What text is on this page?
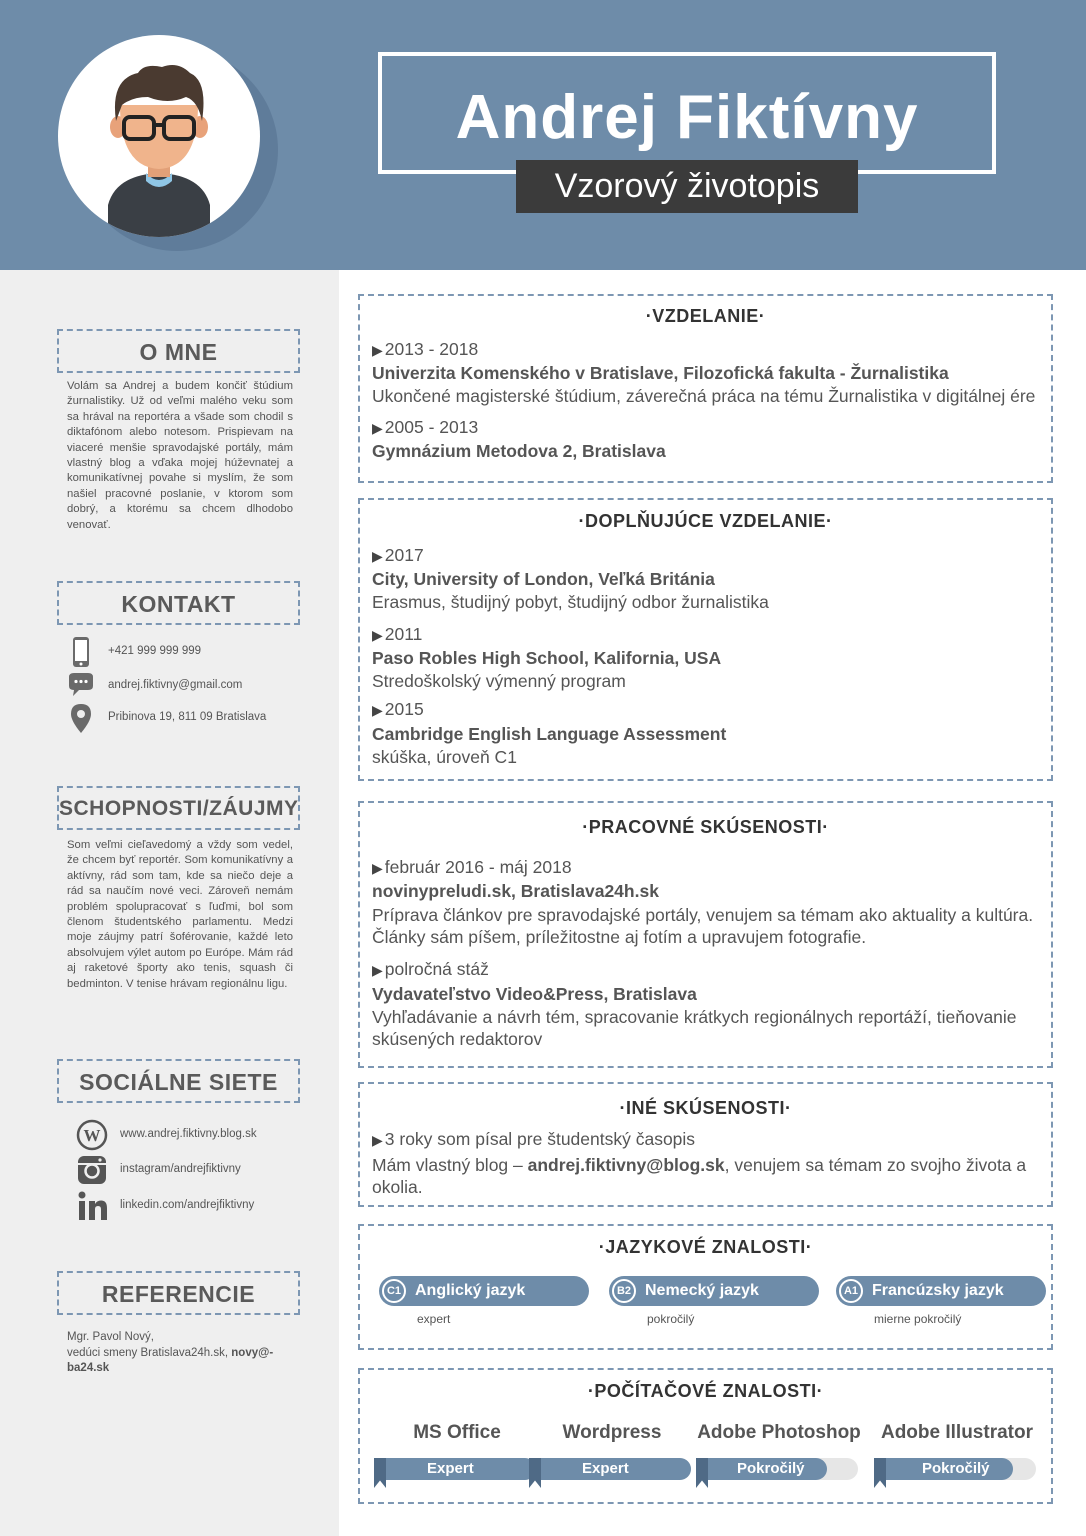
Andrej Fiktívny
Vzorový životopis
O MNE
Volám sa Andrej a budem končiť štúdium žurnalistiky. Už od veľmi malého veku som sa hrával na reportéra a všade som chodil s diktafónom alebo notesom. Prispievam na viaceré menšie spravodajské portály, mám vlastný blog a vďaka mojej húževnatej a komunikatívnej povahe si myslím, že som našiel pracovné poslanie, v ktorom som dobrý, a ktorému sa chcem dlhodobo venovať.
KONTAKT
+421 999 999 999
andrej.fiktivny@gmail.com
Pribinova 19, 811 09 Bratislava
SCHOPNOSTI/ZÁUJMY
Som veľmi cieľavedomý a vždy som vedel, že chcem byť reportér. Som komunikatívny a aktívny, rád som tam, kde sa niečo deje a rád sa naučím nové veci. Zároveň nemám problém spolupracovať s ľuďmi, bol som členom študentského parlamentu. Medzi moje záujmy patrí šoférovanie, každé leto absolvujem výlet autom po Európe. Mám rád aj raketové športy ako tenis, squash či bedminton. V tenise hrávam regionálnu ligu.
SOCIÁLNE SIETE
W www.andrej.fiktivny.blog.sk
instagram/andrejfiktivny
linkedin.com/andrejfiktivny
REFERENCIE
Mgr. Pavol Nový,
vedúci smeny Bratislava24h.sk, novy@-ba24.sk
·VZDELANIE·
▶ 2013 - 2018
Univerzita Komenského v Bratislave, Filozofická fakulta - Žurnalistika
Ukončené magisterské štúdium, záverečná práca na tému Žurnalistika v digitálnej ére
▶ 2005 - 2013
Gymnázium Metodova 2, Bratislava
·DOPLŇUJÚCE VZDELANIE·
▶ 2017
City, University of London, Veľká Británia
Erasmus, študijný pobyt, študijný odbor žurnalistika
▶ 2011
Paso Robles High School, Kalifornia, USA
Stredoškolský výmenný program
▶ 2015
Cambridge English Language Assessment
skúška, úroveň C1
·PRACOVNÉ SKÚSENOSTI·
▶ február 2016 - máj 2018
novinypreludi.sk, Bratislava24h.sk
Príprava článkov pre spravodajské portály, venujem sa témam ako aktuality a kultúra. Články sám píšem, príležitostne aj fotím a upravujem fotografie.
▶ polročná stáž
Vydavateľstvo Video&Press, Bratislava
Vyhľadávanie a návrh tém, spracovanie krátkych regionálnych reportáží, tieňovanie skúsených redaktorov
·INÉ SKÚSENOSTI·
▶ 3 roky som písal pre študentský časopis
Mám vlastný blog – andrej.fiktivny@blog.sk, venujem sa témam zo svojho života a okolia.
·JAZYKOVÉ ZNALOSTI·
C1 Anglický jazyk
expert
B2 Nemecký jazyk
pokročilý
A1 Francúzsky jazyk
mierne pokročilý
·POČÍTAČOVÉ ZNALOSTI·
MS Office
Expert
Wordpress
Expert
Adobe Photoshop
Pokročilý
Adobe Illustrator
Pokročilý
